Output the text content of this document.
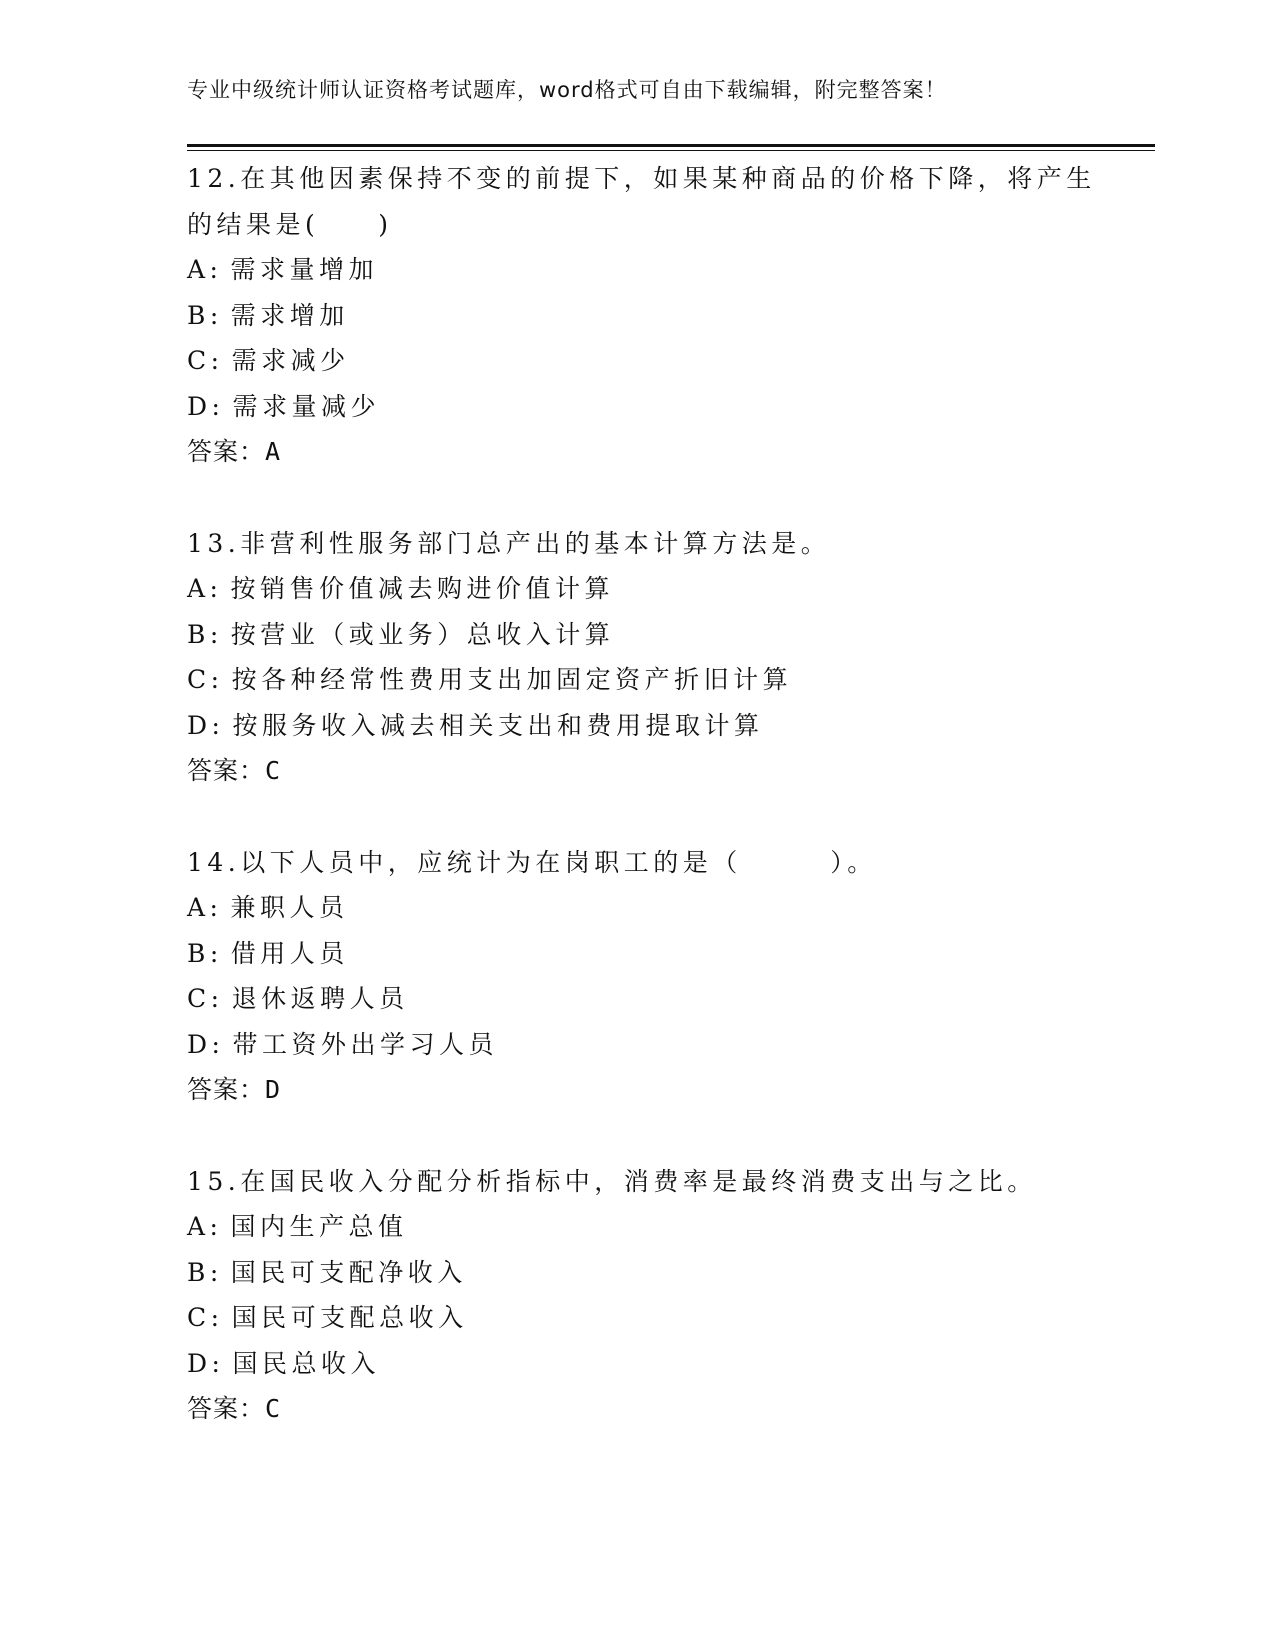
专业中级统计师认证资格考试题库，word格式可自由下载编辑，附完整答案！
12.在其他因素保持不变的前提下，如果某种商品的价格下降，将产生
的结果是(　　)
A: 需求量增加
B: 需求增加
C: 需求减少
D: 需求量减少
答案：A
13.非营利性服务部门总产出的基本计算方法是。
A: 按销售价值减去购进价值计算
B: 按营业（或业务）总收入计算
C: 按各种经常性费用支出加固定资产折旧计算
D: 按服务收入减去相关支出和费用提取计算
答案：C
14.以下人员中，应统计为在岗职工的是（　　　）。
A: 兼职人员
B: 借用人员
C: 退休返聘人员
D: 带工资外出学习人员
答案：D
15.在国民收入分配分析指标中，消费率是最终消费支出与之比。
A: 国内生产总值
B: 国民可支配净收入
C: 国民可支配总收入
D: 国民总收入
答案：C
